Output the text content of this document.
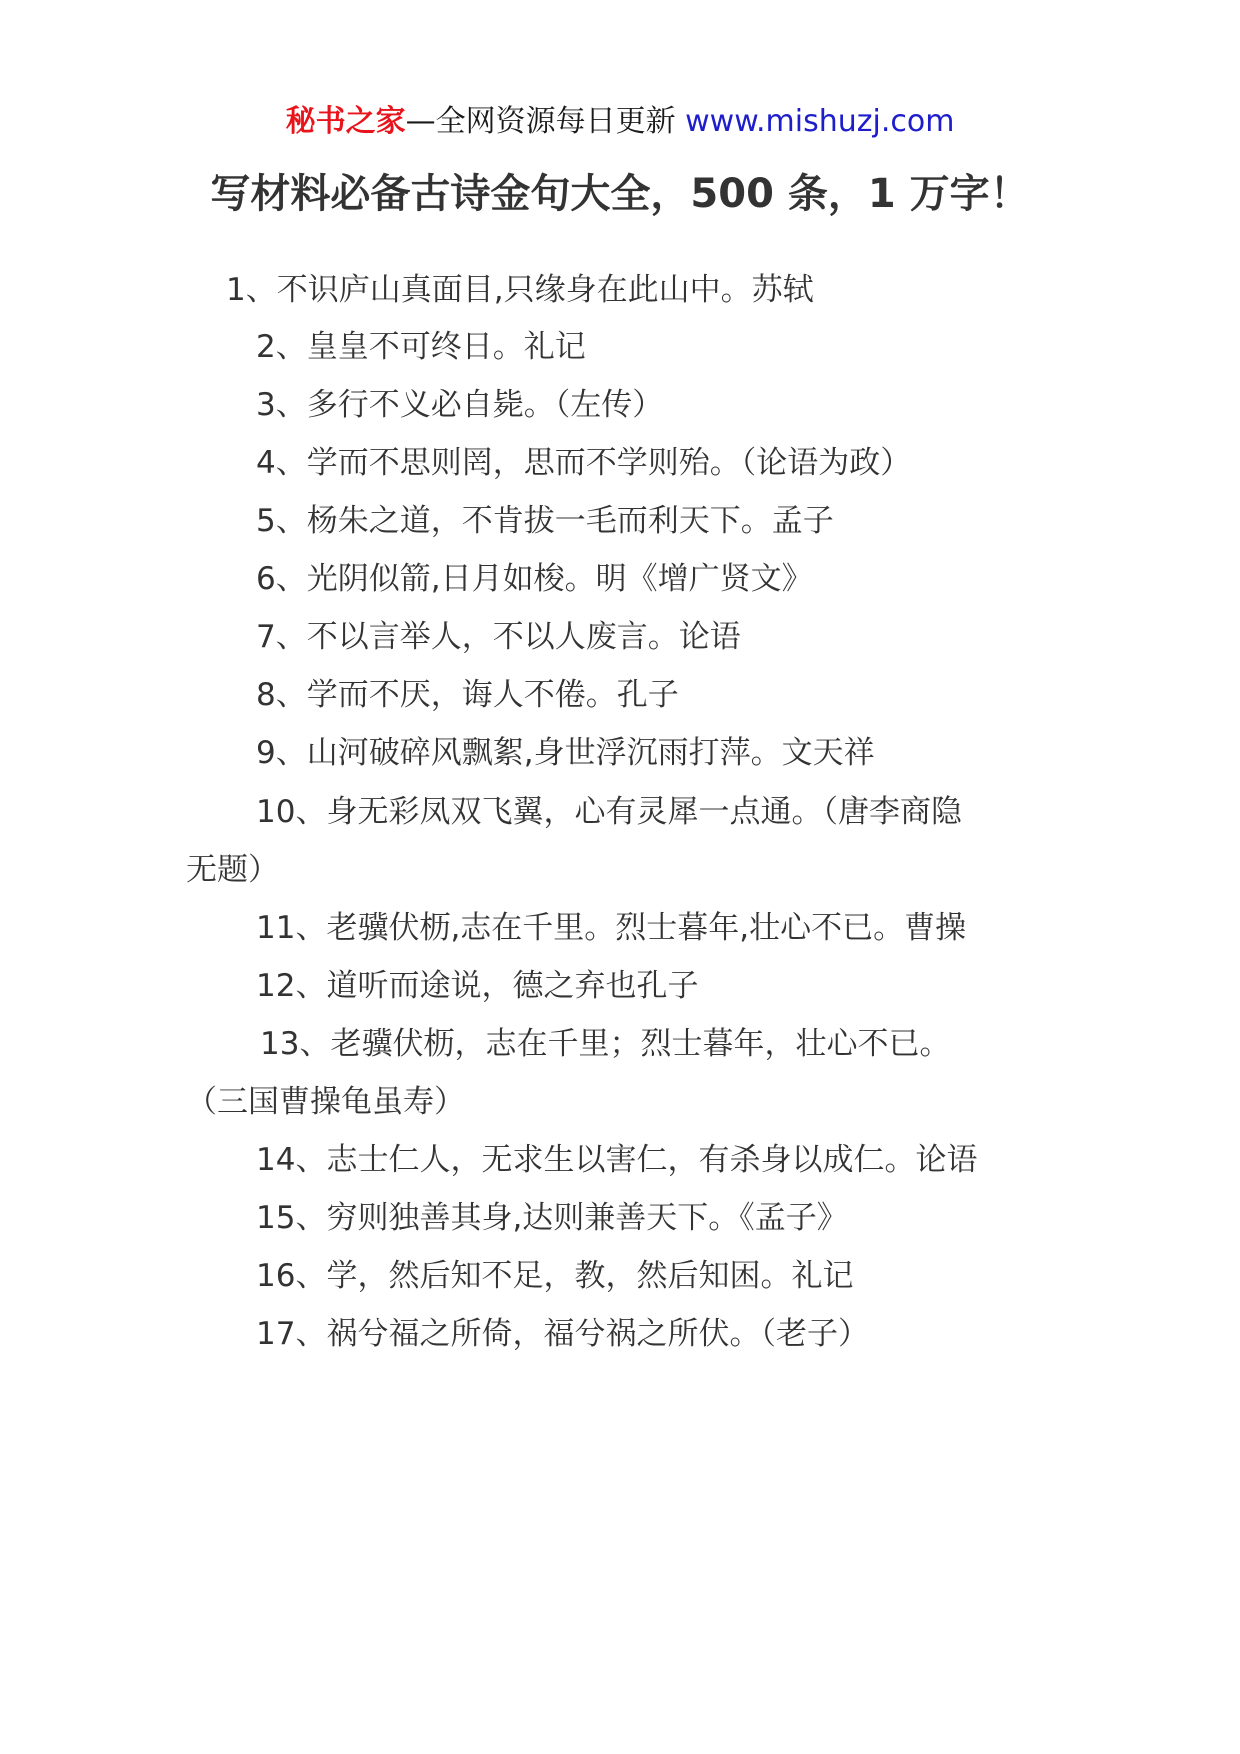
秘书之家—全网资源每日更新 www.mishuzj.com
写材料必备古诗金句大全，500 条，1 万字！
1、不识庐山真面目,只缘身在此山中。苏轼
2、皇皇不可终日。礼记
3、多行不义必自毙。（左传）
4、学而不思则罔，思而不学则殆。（论语为政）
5、杨朱之道，不肯拔一毛而利天下。孟子
6、光阴似箭,日月如梭。明《增广贤文》
7、不以言举人，不以人废言。论语
8、学而不厌，诲人不倦。孔子
9、山河破碎风飘絮,身世浮沉雨打萍。文天祥
10、身无彩凤双飞翼，心有灵犀一点通。（唐李商隐
无题）
11、老骥伏枥,志在千里。烈士暮年,壮心不已。曹操
12、道听而途说，德之弃也孔子
13、老骥伏枥，志在千里；烈士暮年，壮心不已。
（三国曹操龟虽寿）
14、志士仁人，无求生以害仁，有杀身以成仁。论语
15、穷则独善其身,达则兼善天下。《孟子》
16、学，然后知不足，教，然后知困。礼记
17、祸兮福之所倚，福兮祸之所伏。（老子）
